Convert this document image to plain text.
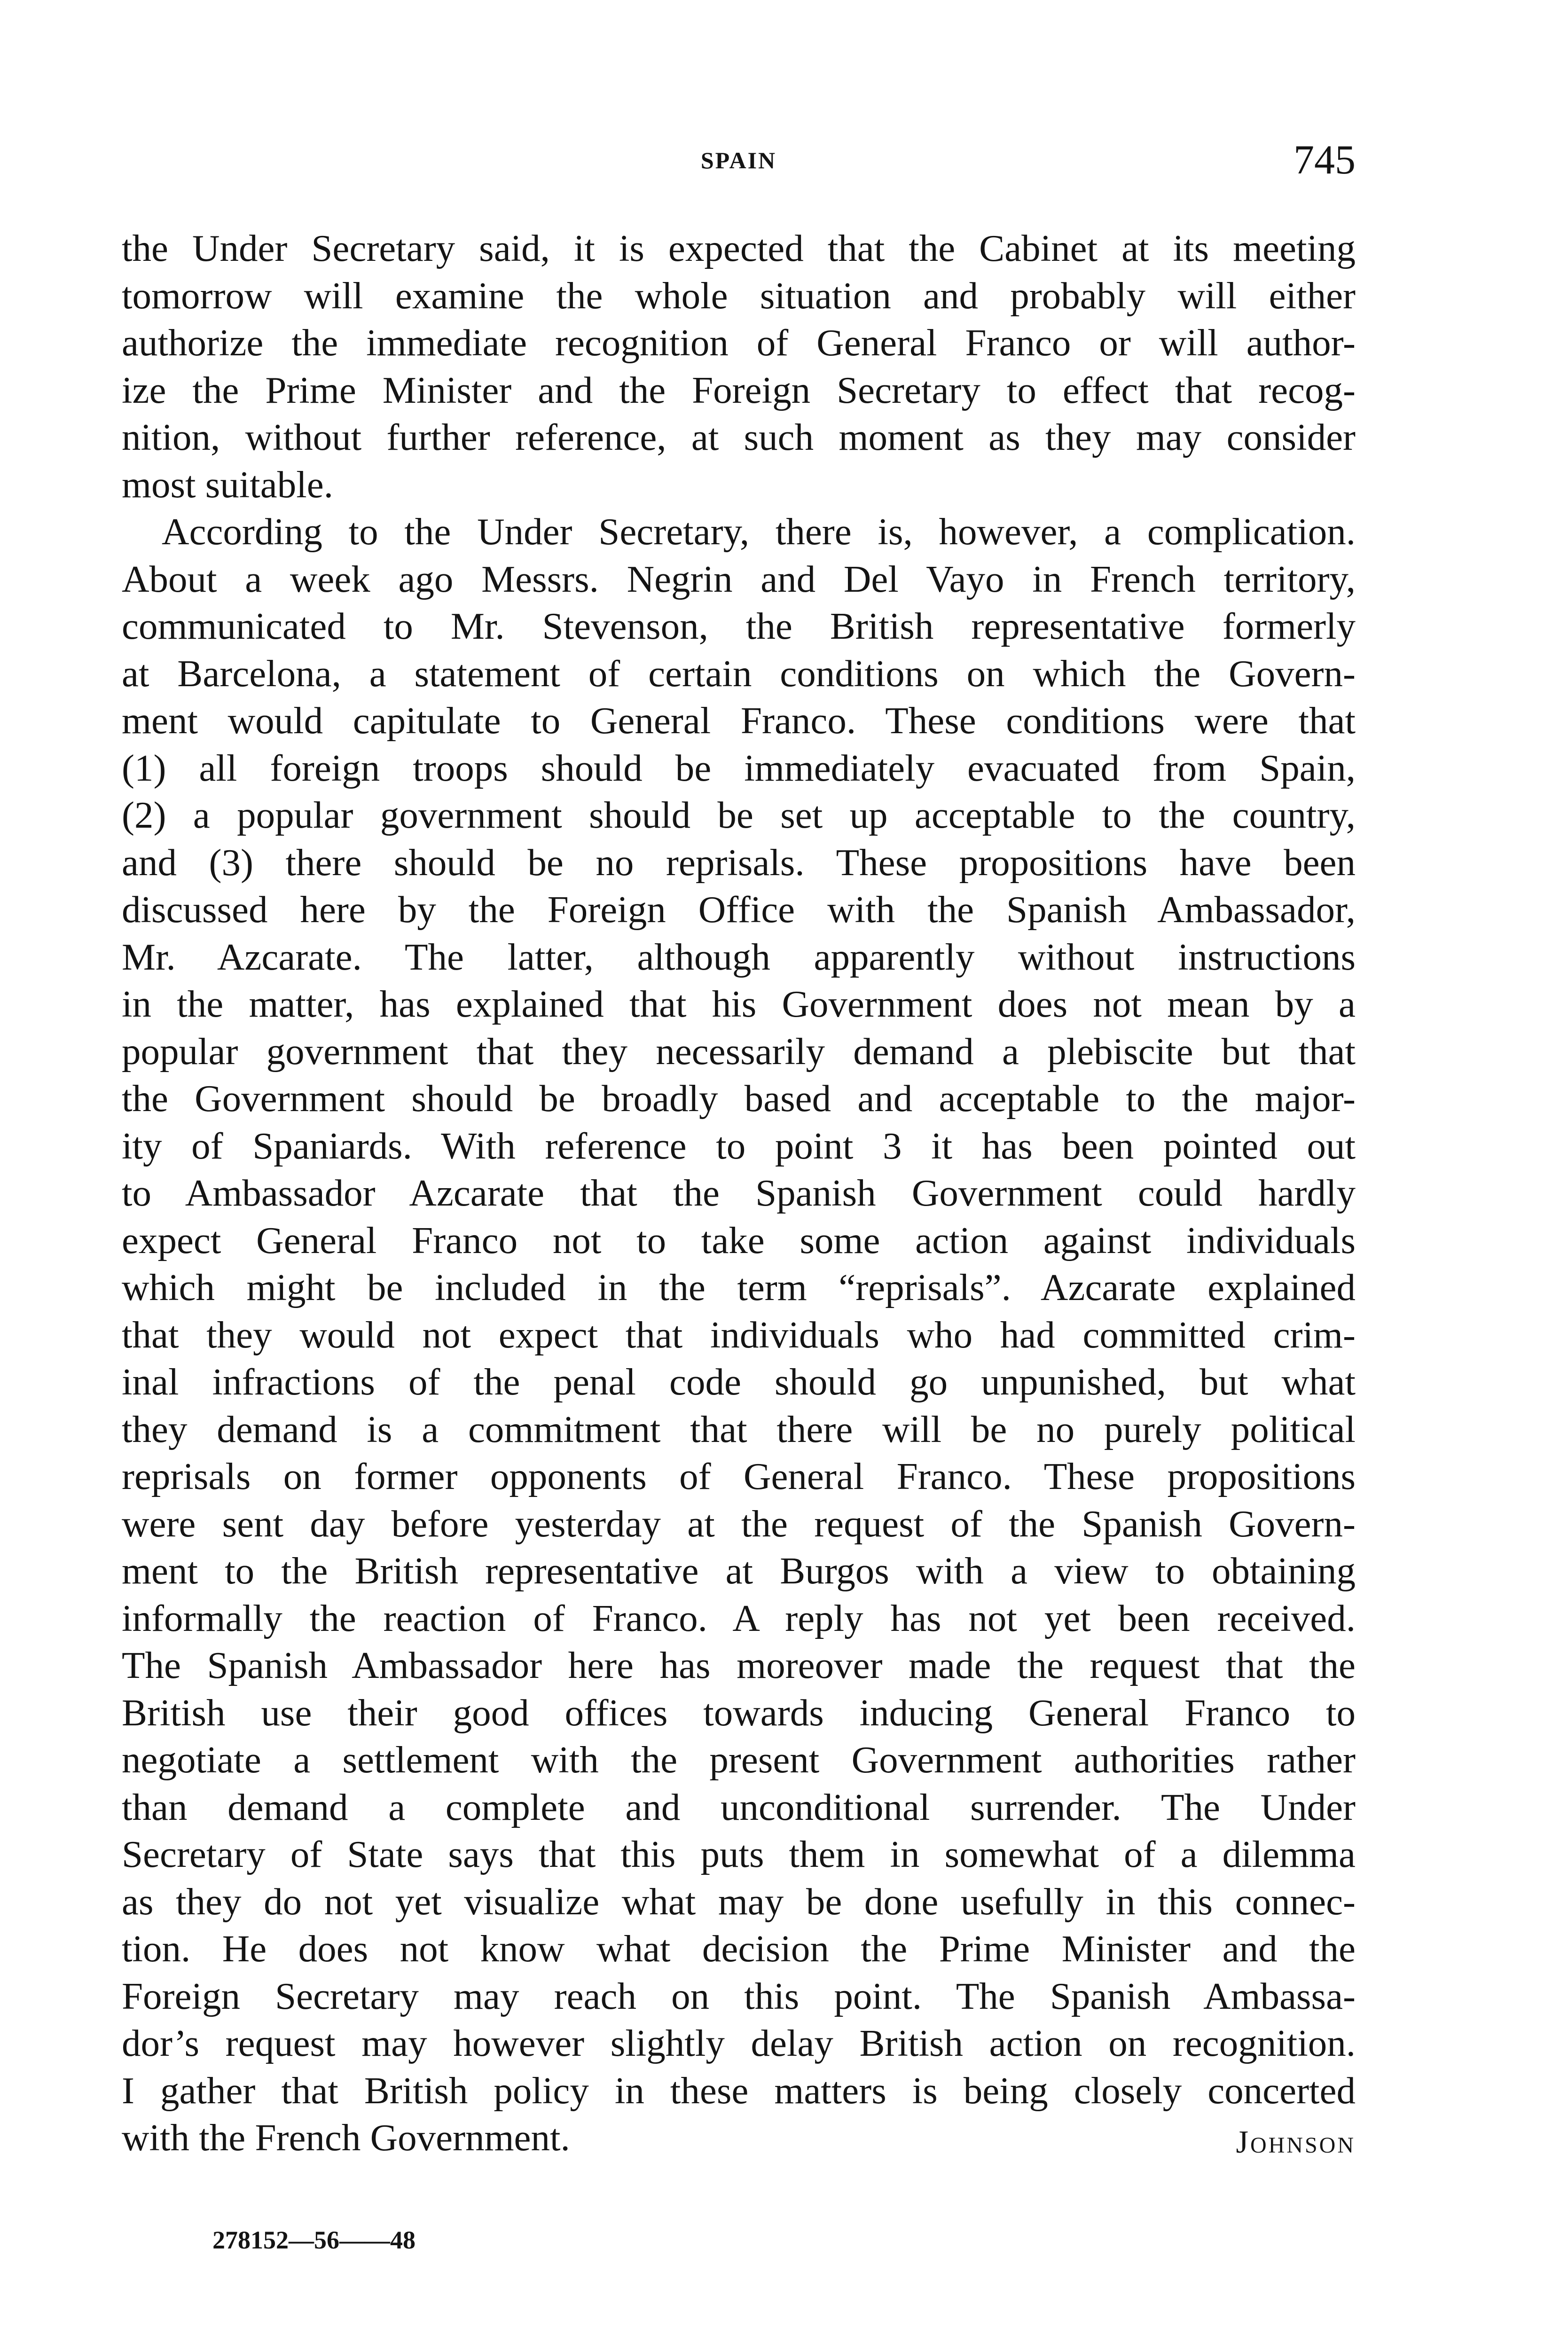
SPAIN	745
the Under Secretary said, it is expected that the Cabinet at its meeting
tomorrow will examine the whole situation and probably will either
authorize the immediate recognition of General Franco or will author-
ize the Prime Minister and the Foreign Secretary to effect that recog-
nition, without further reference, at such moment as they may consider
most suitable.
According to the Under Secretary, there is, however, a complication.
About a week ago Messrs. Negrin and Del Vayo in French territory,
communicated to Mr. Stevenson, the British representative formerly
at Barcelona, a statement of certain conditions on which the Govern-
ment would capitulate to General Franco. These conditions were that
(1) all foreign troops should be immediately evacuated from Spain,
(2) a popular government should be set up acceptable to the country,
and (3) there should be no reprisals. These propositions have been
discussed here by the Foreign Office with the Spanish Ambassador,
Mr. Azcarate. The latter, although apparently without instructions
in the matter, has explained that his Government does not mean by a
popular government that they necessarily demand a plebiscite but that
the Government should be broadly based and acceptable to the major-
ity of Spaniards. With reference to point 3 it has been pointed out
to Ambassador Azcarate that the Spanish Government could hardly
expect General Franco not to take some action against individuals
which might be included in the term “reprisals”. Azcarate explained
that they would not expect that individuals who had committed crim-
inal infractions of the penal code should go unpunished, but what
they demand is a commitment that there will be no purely political
reprisals on former opponents of General Franco. These propositions
were sent day before yesterday at the request of the Spanish Govern-
ment to the British representative at Burgos with a view to obtaining
informally the reaction of Franco. A reply has not yet been received.
The Spanish Ambassador here has moreover made the request that the
British use their good offices towards inducing General Franco to
negotiate a settlement with the present Government authorities rather
than demand a complete and unconditional surrender. The Under
Secretary of State says that this puts them in somewhat of a dilemma
as they do not yet visualize what may be done usefully in this connec-
tion. He does not know what decision the Prime Minister and the
Foreign Secretary may reach on this point. The Spanish Ambassa-
dor’s request may however slightly delay British action on recognition.
I gather that British policy in these matters is being closely concerted
with the French Government.	Johnson
278152—56——48
